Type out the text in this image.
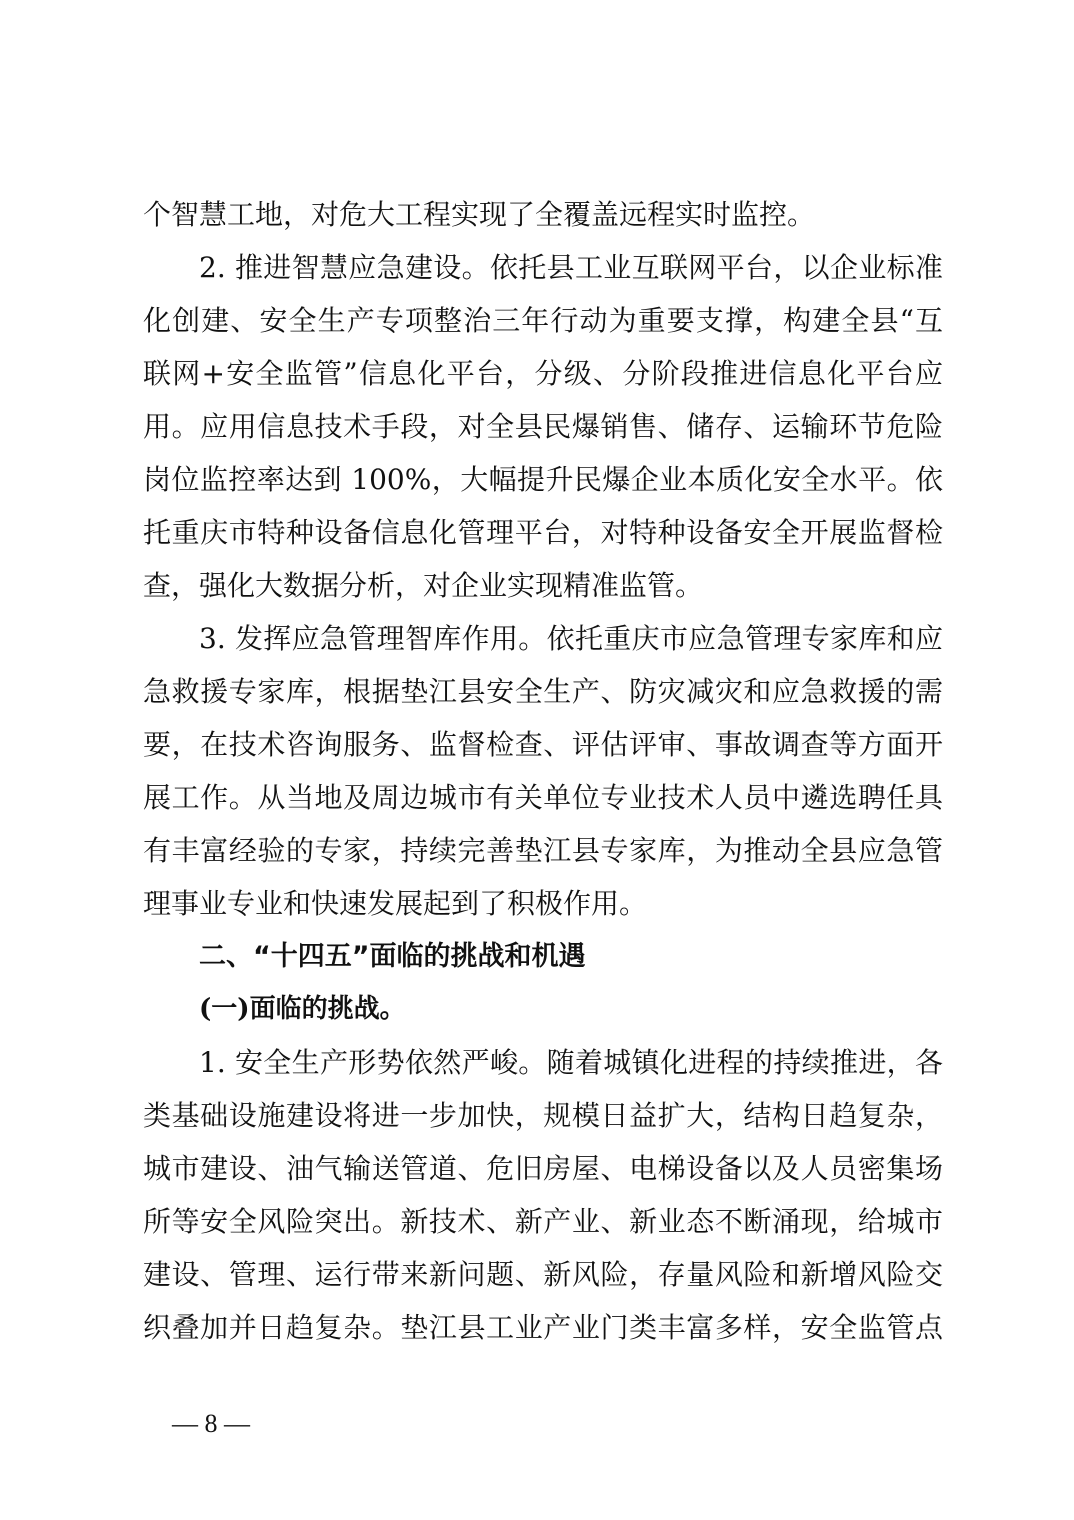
个智慧工地，对危大工程实现了全覆盖远程实时监控。
2. 推进智慧应急建设。依托县工业互联网平台，以企业标准
化创建、安全生产专项整治三年行动为重要支撑，构建全县“互
联网+安全监管”信息化平台，分级、分阶段推进信息化平台应
用。应用信息技术手段，对全县民爆销售、储存、运输环节危险
岗位监控率达到 100%，大幅提升民爆企业本质化安全水平。依
托重庆市特种设备信息化管理平台，对特种设备安全开展监督检
查，强化大数据分析，对企业实现精准监管。
3. 发挥应急管理智库作用。依托重庆市应急管理专家库和应
急救援专家库，根据垫江县安全生产、防灾减灾和应急救援的需
要，在技术咨询服务、监督检查、评估评审、事故调查等方面开
展工作。从当地及周边城市有关单位专业技术人员中遴选聘任具
有丰富经验的专家，持续完善垫江县专家库，为推动全县应急管
理事业专业和快速发展起到了积极作用。
二、“十四五”面临的挑战和机遇
(一)面临的挑战。
1. 安全生产形势依然严峻。随着城镇化进程的持续推进，各
类基础设施建设将进一步加快，规模日益扩大，结构日趋复杂，
城市建设、油气输送管道、危旧房屋、电梯设备以及人员密集场
所等安全风险突出。新技术、新产业、新业态不断涌现，给城市
建设、管理、运行带来新问题、新风险，存量风险和新增风险交
织叠加并日趋复杂。垫江县工业产业门类丰富多样，安全监管点
— 8 —
